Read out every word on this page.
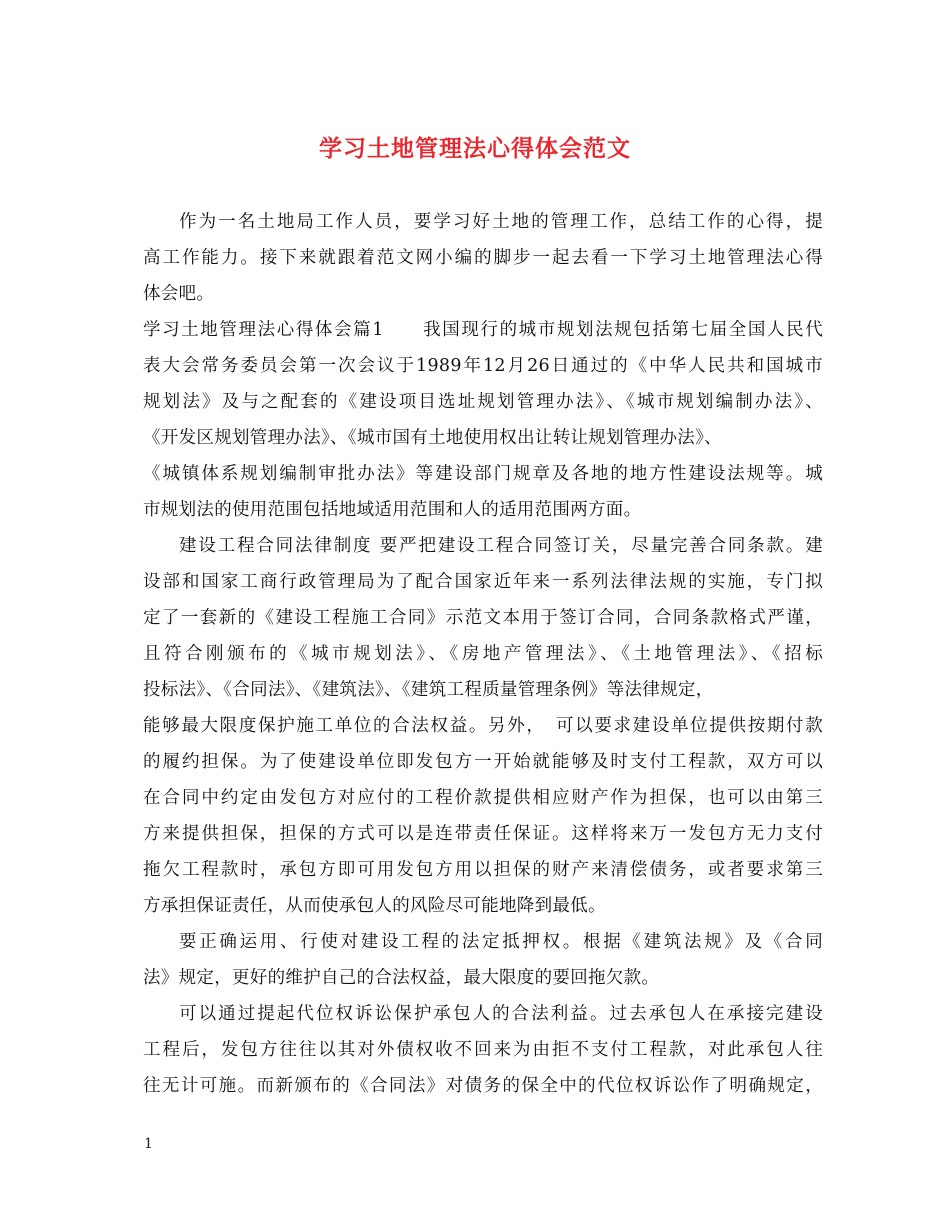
学习土地管理法心得体会范文
作为一名土地局工作人员，要学习好土地的管理工作，总结工作的心得，提
高工作能力。接下来就跟着范文网小编的脚步一起去看一下学习土地管理法心得
体会吧。
学习土地管理法心得体会篇1　　我国现行的城市规划法规包括第七届全国人民代
表大会常务委员会第一次会议于1989年12月26日通过的《中华人民共和国城市
规划法》及与之配套的《建设项目选址规划管理办法》、《城市规划编制办法》、
《开发区规划管理办法》、《城市国有土地使用权出让转让规划管理办法》、
《城镇体系规划编制审批办法》等建设部门规章及各地的地方性建设法规等。城
市规划法的使用范围包括地域适用范围和人的适用范围两方面。
建设工程合同法律制度 要严把建设工程合同签订关，尽量完善合同条款。建
设部和国家工商行政管理局为了配合国家近年来一系列法律法规的实施，专门拟
定了一套新的《建设工程施工合同》示范文本用于签订合同，合同条款格式严谨，
且符合刚颁布的《城市规划法》、《房地产管理法》、《土地管理法》、《招标
投标法》、《合同法》、《建筑法》、《建筑工程质量管理条例》等法律规定，
能够最大限度保护施工单位的合法权益。另外，　可以要求建设单位提供按期付款
的履约担保。为了使建设单位即发包方一开始就能够及时支付工程款，双方可以
在合同中约定由发包方对应付的工程价款提供相应财产作为担保，也可以由第三
方来提供担保，担保的方式可以是连带责任保证。这样将来万一发包方无力支付
拖欠工程款时，承包方即可用发包方用以担保的财产来清偿债务，或者要求第三
方承担保证责任，从而使承包人的风险尽可能地降到最低。
要正确运用、行使对建设工程的法定抵押权。根据《建筑法规》及《合同
法》规定，更好的维护自己的合法权益，最大限度的要回拖欠款。
可以通过提起代位权诉讼保护承包人的合法利益。过去承包人在承接完建设
工程后，发包方往往以其对外债权收不回来为由拒不支付工程款，对此承包人往
往无计可施。而新颁布的《合同法》对债务的保全中的代位权诉讼作了明确规定，
1
